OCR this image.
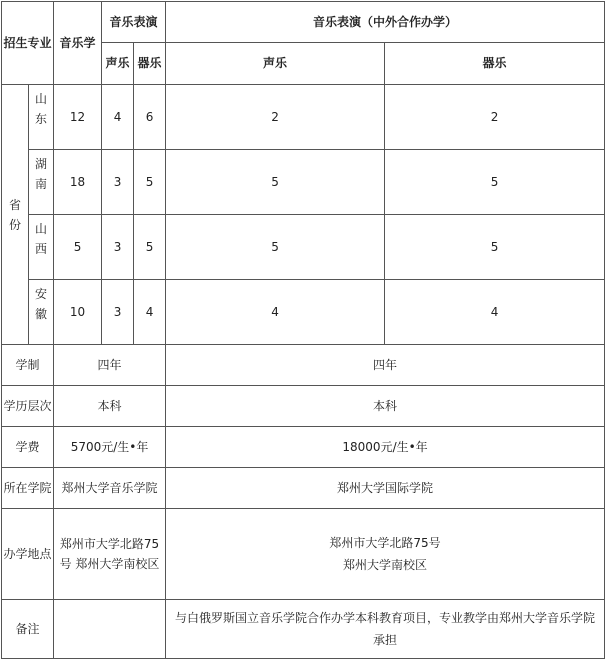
招生专业		音乐学	音乐表演		音乐表演（中外合作办学）	
			声乐	器乐	声乐	器乐
省份	山东	12	4	6	2	2
	湖南	18	3	5	5	5
	山西	5	3	5	5	5
	安徽	10	3	4	4	4
学制		四年			四年	
学历层次		本科			本科	
学费		5700元/生•年			18000元/生•年	
所在学院		郑州大学音乐学院			郑州大学国际学院	
办学地点		郑州市大学北路75号 郑州大学南校区			郑州市大学北路75号
郑州大学南校区	

备注					与白俄罗斯国立音乐学院合作办学本科教育项目，专业教学由郑州大学音乐学院承担	
